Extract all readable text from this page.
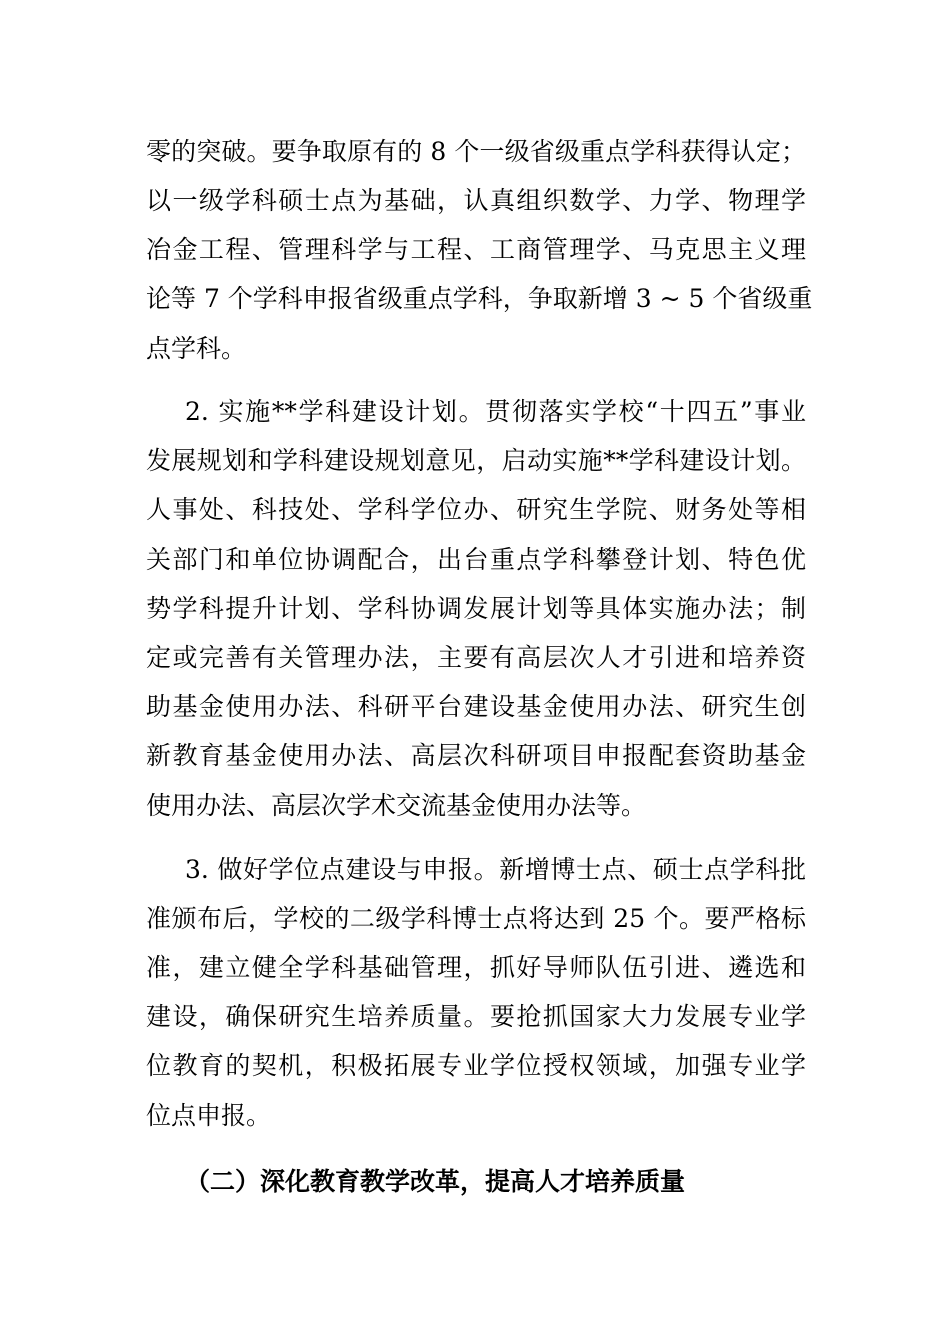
零的突破。要争取原有的 8 个一级省级重点学科获得认定；
以一级学科硕士点为基础，认真组织数学、力学、物理学
冶金工程、管理科学与工程、工商管理学、马克思主义理
论等 7 个学科申报省级重点学科，争取新增 3 ~ 5 个省级重
点学科。
2. 实施**学科建设计划。贯彻落实学校“十四五”事业
发展规划和学科建设规划意见，启动实施**学科建设计划。
人事处、科技处、学科学位办、研究生学院、财务处等相
关部门和单位协调配合，出台重点学科攀登计划、特色优
势学科提升计划、学科协调发展计划等具体实施办法；制
定或完善有关管理办法，主要有高层次人才引进和培养资
助基金使用办法、科研平台建设基金使用办法、研究生创
新教育基金使用办法、高层次科研项目申报配套资助基金
使用办法、高层次学术交流基金使用办法等。
3. 做好学位点建设与申报。新增博士点、硕士点学科批
准颁布后，学校的二级学科博士点将达到 25 个。要严格标
准，建立健全学科基础管理，抓好导师队伍引进、遴选和
建设，确保研究生培养质量。要抢抓国家大力发展专业学
位教育的契机，积极拓展专业学位授权领域，加强专业学
位点申报。
（二）深化教育教学改革，提高人才培养质量
